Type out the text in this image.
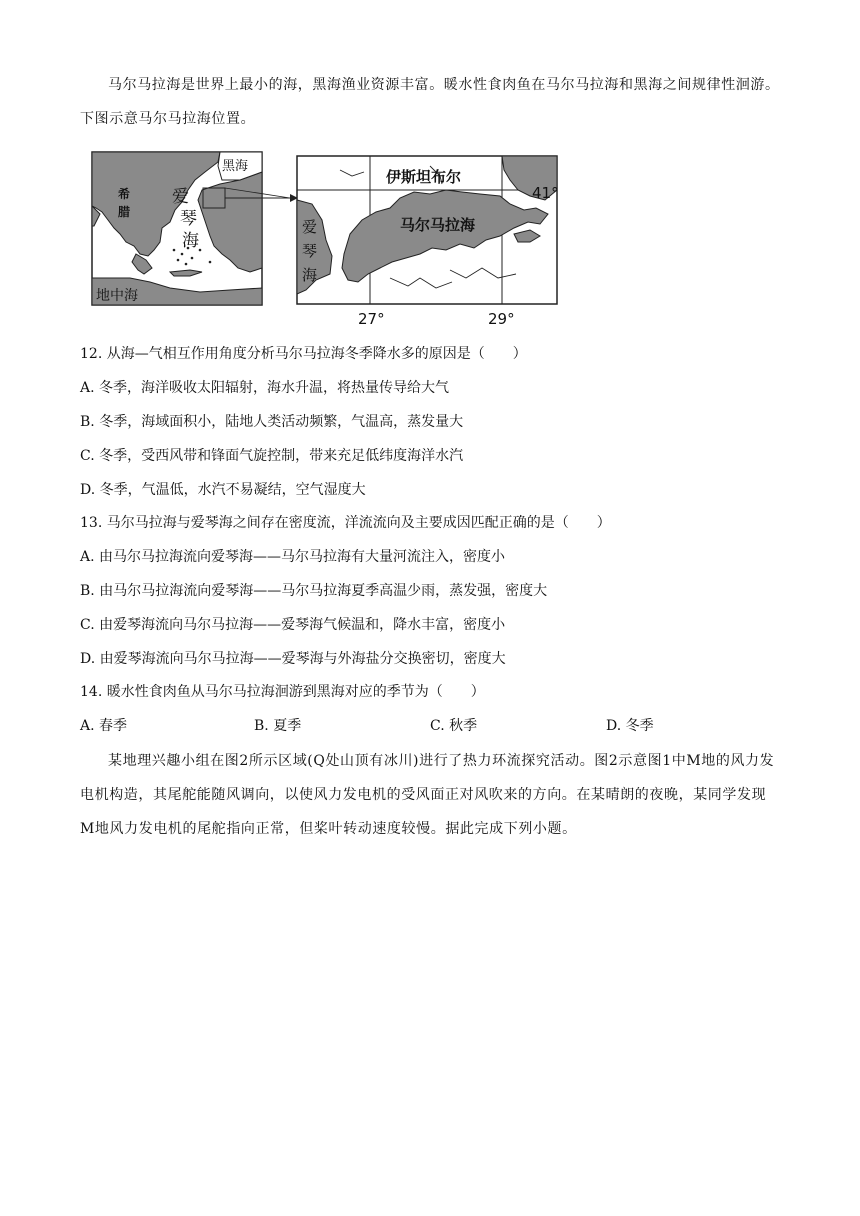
马尔马拉海是世界上最小的海，黑海渔业资源丰富。暖水性食肉鱼在马尔马拉海和黑海之间规律性洄游。下图示意马尔马拉海位置。

黑海
希
腊
爱
琴
海
地中海
伊斯坦布尔
马尔马拉海
爱
琴
海
41°
27°	29°
12. 从海—气相互作用角度分析马尔马拉海冬季降水多的原因是（　　）
A. 冬季，海洋吸收太阳辐射，海水升温，将热量传导给大气
B. 冬季，海域面积小，陆地人类活动频繁，气温高，蒸发量大
C. 冬季，受西风带和锋面气旋控制，带来充足低纬度海洋水汽
D. 冬季，气温低，水汽不易凝结，空气湿度大
13. 马尔马拉海与爱琴海之间存在密度流，洋流流向及主要成因匹配正确的是（　　）
A. 由马尔马拉海流向爱琴海——马尔马拉海有大量河流注入，密度小
B. 由马尔马拉海流向爱琴海——马尔马拉海夏季高温少雨，蒸发强，密度大
C. 由爱琴海流向马尔马拉海——爱琴海气候温和，降水丰富，密度小
D. 由爱琴海流向马尔马拉海——爱琴海与外海盐分交换密切，密度大
14. 暖水性食肉鱼从马尔马拉海洄游到黑海对应的季节为（　　）
A. 春季	B. 夏季	C. 秋季	D. 冬季

某地理兴趣小组在图2所示区域(Q处山顶有冰川)进行了热力环流探究活动。图2示意图1中M地的风力发电机构造，其尾舵能随风调向，以使风力发电机的受风面正对风吹来的方向。在某晴朗的夜晚，某同学发现M地风力发电机的尾舵指向正常，但桨叶转动速度较慢。据此完成下列小题。
